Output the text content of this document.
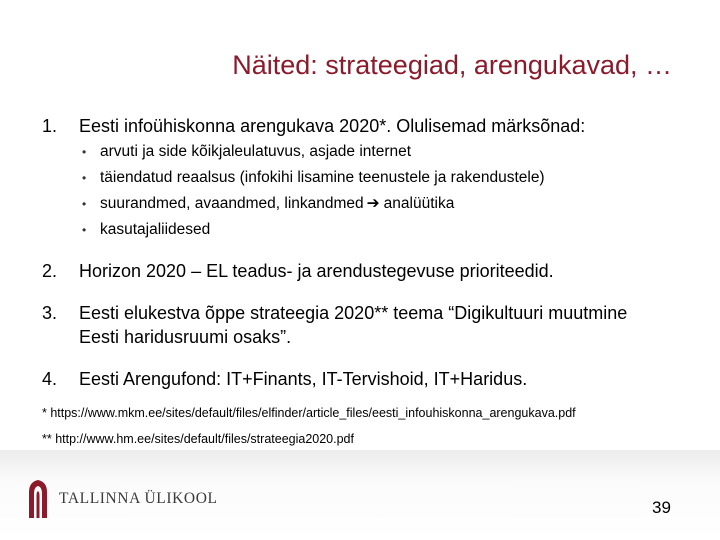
Näited: strateegiad, arengukavad, …
1.	Eesti infoühiskonna arengukava 2020*. Olulisemad märksõnad:
• arvuti ja side kõikjaleulatuvus, asjade internet
• täiendatud reaalsus (infokihi lisamine teenustele ja rakendustele)
• suurandmed, avaandmed, linkandmed ➔ analüütika
• kasutajaliidesed
2.	Horizon 2020 – EL teadus- ja arendustegevuse prioriteedid.
3.	Eesti elukestva õppe strateegia 2020** teema “Digikultuuri muutmine
Eesti haridusruumi osaks”.
4.	Eesti Arengufond: IT+Finants, IT-Tervishoid, IT+Haridus.
* https://www.mkm.ee/sites/default/files/elfinder/article_files/eesti_infouhiskonna_arengukava.pdf
** http://www.hm.ee/sites/default/files/strateegia2020.pdf
TALLINNA ÜLIKOOL	39
